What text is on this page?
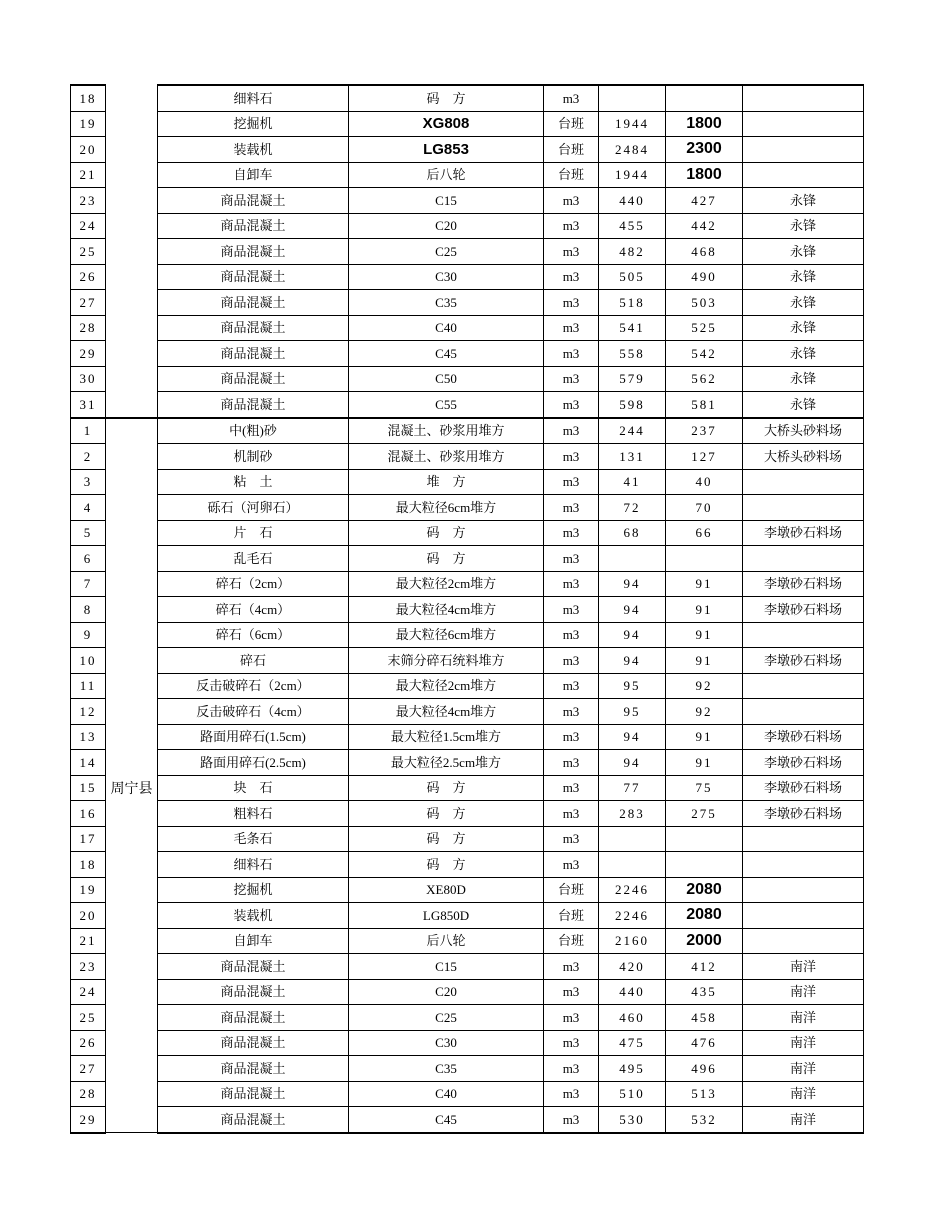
18		细料石	码　方	m3			
19		挖掘机	XG808	台班	1944	1800	
20		装载机	LG853	台班	2484	2300	
21		自卸车	后八轮	台班	1944	1800	
23		商品混凝土	C15	m3	440	427	永锋
24		商品混凝土	C20	m3	455	442	永锋
25		商品混凝土	C25	m3	482	468	永锋
26		商品混凝土	C30	m3	505	490	永锋
27		商品混凝土	C35	m3	518	503	永锋
28		商品混凝土	C40	m3	541	525	永锋
29		商品混凝土	C45	m3	558	542	永锋
30		商品混凝土	C50	m3	579	562	永锋
31		商品混凝土	C55	m3	598	581	永锋
1	周宁县	中(粗)砂	混凝土、砂浆用堆方	m3	244	237	大桥头砂料场
2		机制砂	混凝土、砂浆用堆方	m3	131	127	大桥头砂料场
3		粘　土	堆　方	m3	41	40	
4		砾石（河卵石）	最大粒径6cm堆方	m3	72	70	
5		片　石	码　方	m3	68	66	李墩砂石料场
6		乱毛石	码　方	m3			
7		碎石（2cm）	最大粒径2cm堆方	m3	94	91	李墩砂石料场
8		碎石（4cm）	最大粒径4cm堆方	m3	94	91	李墩砂石料场
9		碎石（6cm）	最大粒径6cm堆方	m3	94	91	
10		碎石	末筛分碎石统料堆方	m3	94	91	李墩砂石料场
11		反击破碎石（2cm）	最大粒径2cm堆方	m3	95	92	
12		反击破碎石（4cm）	最大粒径4cm堆方	m3	95	92	
13		路面用碎石(1.5cm)	最大粒径1.5cm堆方	m3	94	91	李墩砂石料场
14		路面用碎石(2.5cm)	最大粒径2.5cm堆方	m3	94	91	李墩砂石料场
15		块　石	码　方	m3	77	75	李墩砂石料场
16		粗料石	码　方	m3	283	275	李墩砂石料场
17		毛条石	码　方	m3			
18		细料石	码　方	m3			
19		挖掘机	XE80D	台班	2246	2080	
20		装载机	LG850D	台班	2246	2080	
21		自卸车	后八轮	台班	2160	2000	
23		商品混凝土	C15	m3	420	412	南洋
24		商品混凝土	C20	m3	440	435	南洋
25		商品混凝土	C25	m3	460	458	南洋
26		商品混凝土	C30	m3	475	476	南洋
27		商品混凝土	C35	m3	495	496	南洋
28		商品混凝土	C40	m3	510	513	南洋
29		商品混凝土	C45	m3	530	532	南洋
